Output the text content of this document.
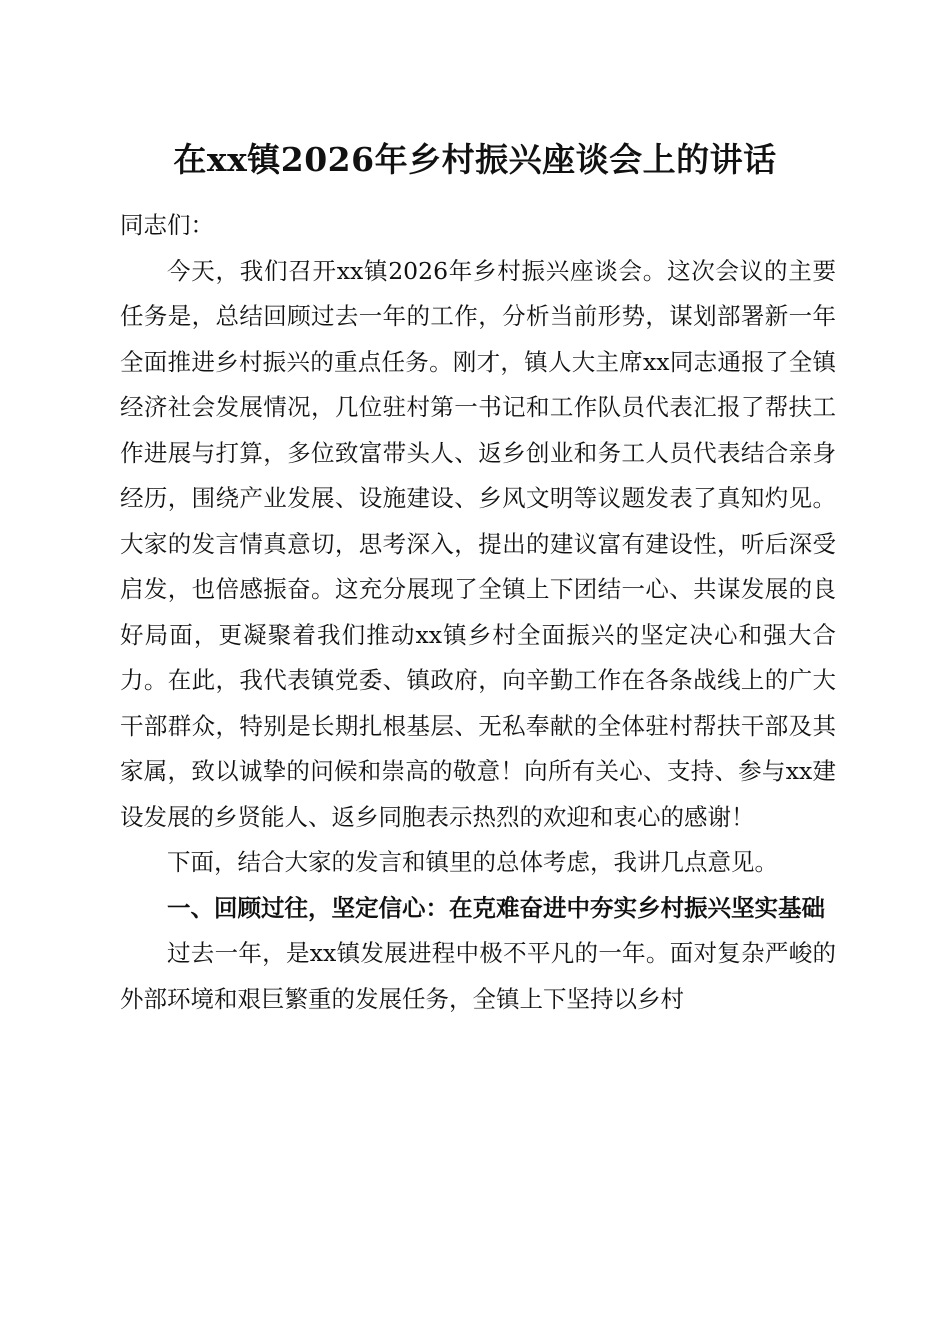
在xx镇2026年乡村振兴座谈会上的讲话

同志们：

今天，我们召开xx镇2026年乡村振兴座谈会。这次会议的主要任务是，总结回顾过去一年的工作，分析当前形势，谋划部署新一年全面推进乡村振兴的重点任务。刚才，镇人大主席xx同志通报了全镇经济社会发展情况，几位驻村第一书记和工作队员代表汇报了帮扶工作进展与打算，多位致富带头人、返乡创业和务工人员代表结合亲身经历，围绕产业发展、设施建设、乡风文明等议题发表了真知灼见。大家的发言情真意切，思考深入，提出的建议富有建设性，听后深受启发，也倍感振奋。这充分展现了全镇上下团结一心、共谋发展的良好局面，更凝聚着我们推动xx镇乡村全面振兴的坚定决心和强大合力。在此，我代表镇党委、镇政府，向辛勤工作在各条战线上的广大干部群众，特别是长期扎根基层、无私奉献的全体驻村帮扶干部及其家属，致以诚挚的问候和崇高的敬意！向所有关心、支持、参与xx建设发展的乡贤能人、返乡同胞表示热烈的欢迎和衷心的感谢！

下面，结合大家的发言和镇里的总体考虑，我讲几点意见。

一、回顾过往，坚定信心：在克难奋进中夯实乡村振兴坚实基础

过去一年，是xx镇发展进程中极不平凡的一年。面对复杂严峻的外部环境和艰巨繁重的发展任务，全镇上下坚持以乡村
